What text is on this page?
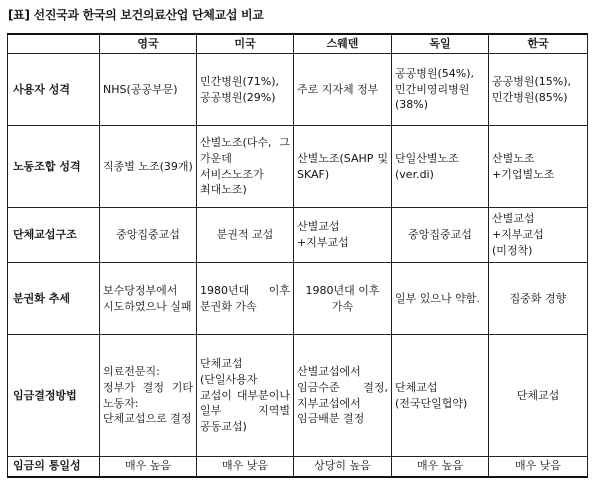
[표] 선진국과 한국의 보건의료산업 단체교섭 비교
	영국	미국	스웨덴	독일	한국
사용자 성격	NHS(공공부문)	민간병원(71%), 공공병원(29%)	주로 지자체 정부	공공병원(54%), 민간비영리병원(38%)	공공병원(15%), 민간병원(85%)
노동조합 성격	직종별 노조(39개)	산별노조(다수, 그 가운데 서비스노조가 최대노조)	산별노조(SAHP 및 SKAF)	단일산별노조(ver.di)	산별노조+기업별노조
단체교섭구조	중앙집중교섭	분권적 교섭	산별교섭+지부교섭	중앙집중교섭	산별교섭+지부교섭(미정착)
분권화 추세	보수당정부에서 시도하였으나 실패	1980년대 이후 분권화 가속	1980년대 이후 가속	일부 있으나 약함.	집중화 경향
임금결정방법	의료전문직: 정부가 결정 기타 노동자: 단체교섭으로 결정	단체교섭(단일사용자 교섭이 대부분이나 일부 지역별 공동교섭)	산별교섭에서 임금수준 결정, 지부교섭에서 임금배분 결정	단체교섭(전국단일협약)	단체교섭
임금의 통일성	매우 높음	매우 낮음	상당히 높음	매우 높음	매우 낮음
